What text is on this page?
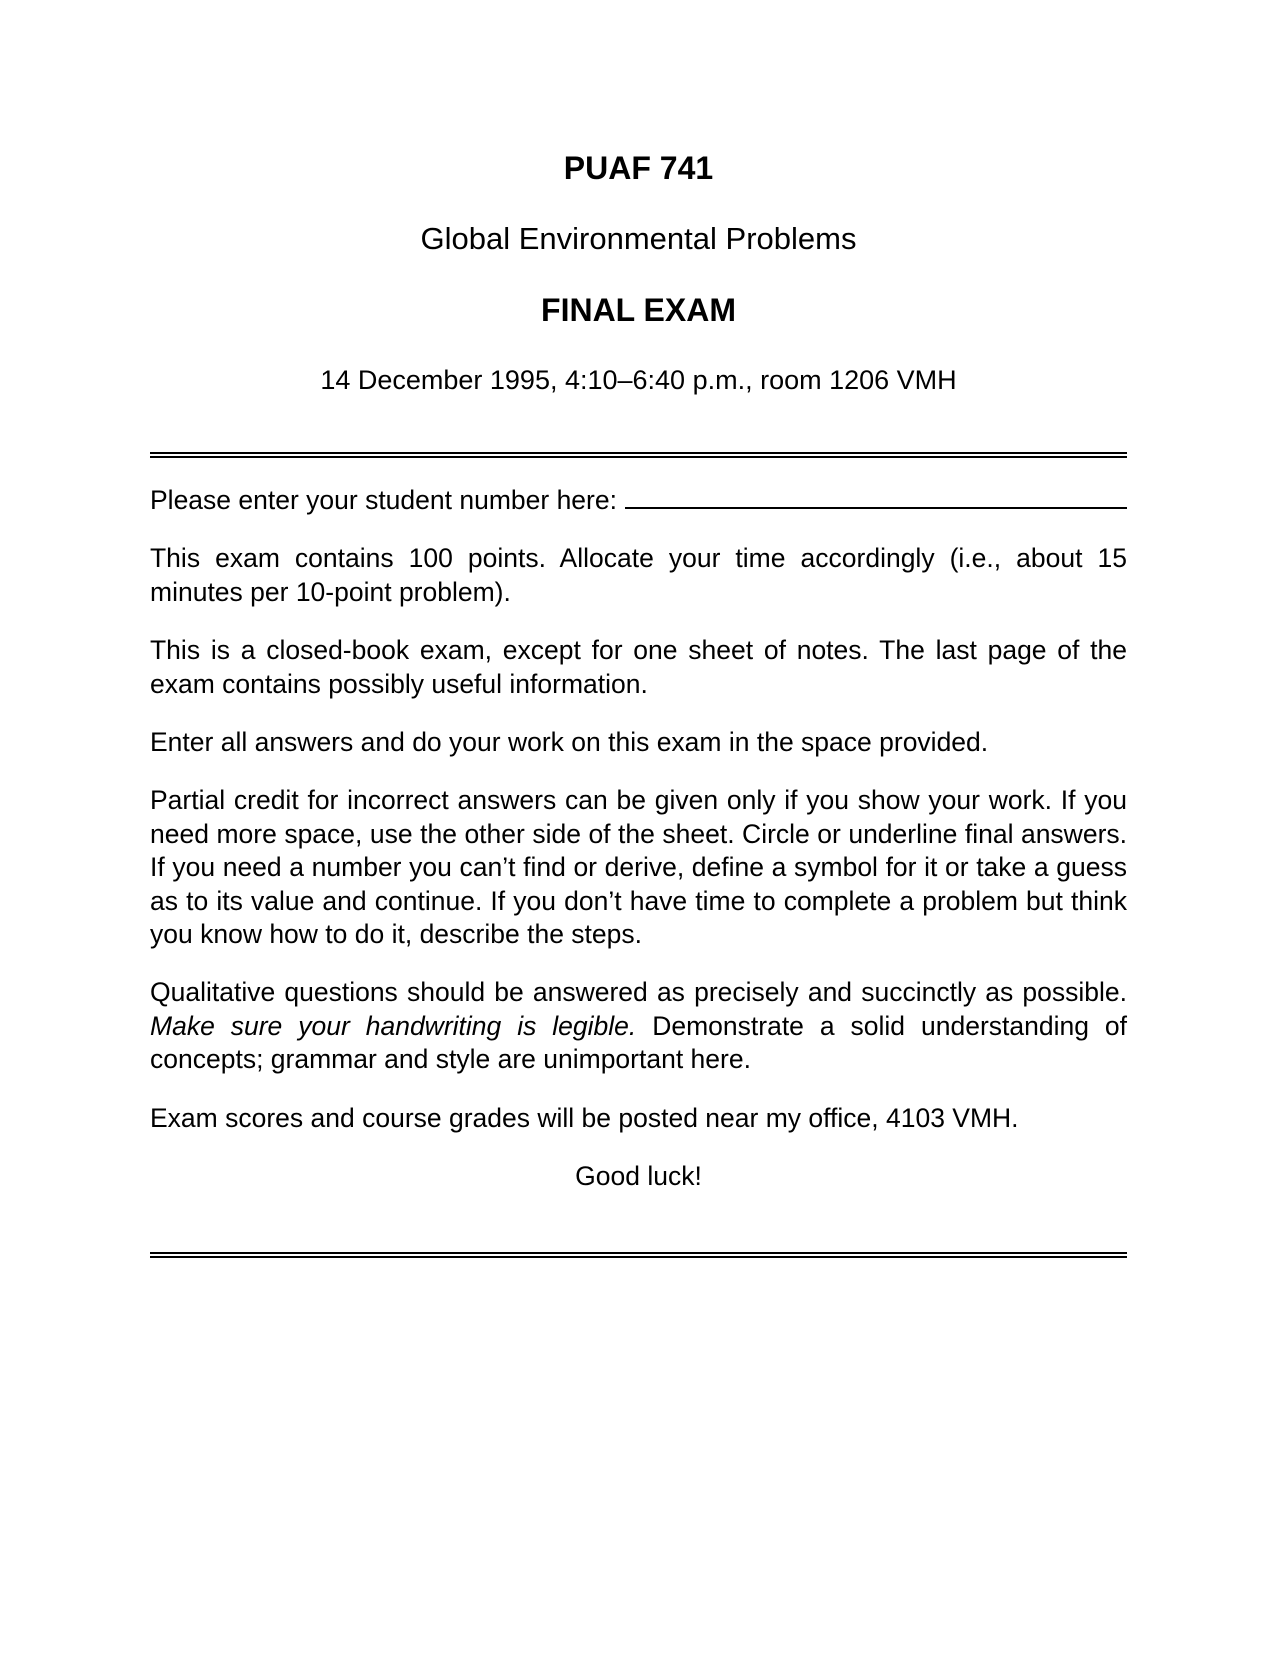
PUAF 741
Global Environmental Problems
FINAL EXAM
14 December 1995, 4:10–6:40 p.m., room 1206 VMH
Please enter your student number here:

This exam contains 100 points. Allocate your time accordingly (i.e., about 15 minutes per 10-point problem).

This is a closed-book exam, except for one sheet of notes. The last page of the exam contains possibly useful information.

Enter all answers and do your work on this exam in the space provided.

Partial credit for incorrect answers can be given only if you show your work. If you need more space, use the other side of the sheet. Circle or underline final answers. If you need a number you can’t find or derive, define a symbol for it or take a guess as to its value and continue. If you don’t have time to complete a problem but think you know how to do it, describe the steps.

Qualitative questions should be answered as precisely and succinctly as possible. Make sure your handwriting is legible. Demonstrate a solid understanding of concepts; grammar and style are unimportant here.

Exam scores and course grades will be posted near my office, 4103 VMH.

Good luck!
